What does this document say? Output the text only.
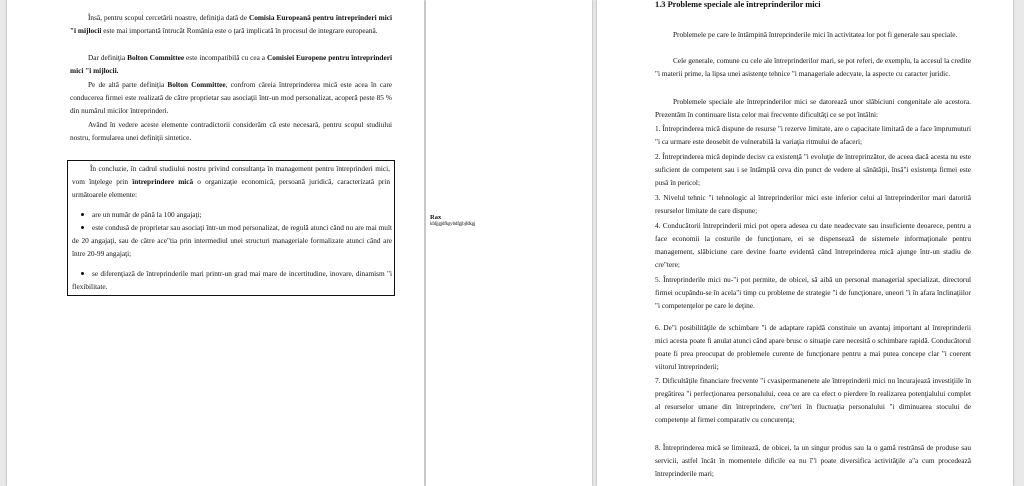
Însă, pentru scopul cercetării noastre, definiţia dată de Comisia Europeană pentru întreprinderi mici "i mijlocii este mai importantă întrucât România este o ţară implicată în procesul de integrare europeană.
Dar definiţia Bolton Committee este incompatibilă cu cea a Comisiei Europene pentru întreprinderi mici "i mijlocii.
Pe de altă parte definiţia Bolton Committee, confrom căreia întreprinderea mică este acea în care conducerea firmei este realizată de către proprietar sau asociaţii într-un mod personalizat, acoperă peste 85 % din numărul micilor întreprinderi.
Având în vedere aceste elemente contradictorii considerăm că este necesară, pentru scopul studiului nostru, formularea unei definiţii sintetice.
În concluzie, în cadrul studiului nostru privind consultanţa în management pentru întreprinderi mici, vom înţelege prin întreprindere mică o organizaţie economică, persoană juridică, caracterizată prin următoarele elemente:
are un număr de până la 100 angajaţi;
este condusă de proprietar sau asociaţi într-un mod personalizat, de regulă atunci când nu are mai mult de 20 angajaţi, sau de către ace"tia prin intermediul unei structuri manageriale formalizate atunci când are între 20-99 angajaţi;
se diferenţiază de întreprinderile mari printr-un grad mai mare de incertitudine, inovare, dinamism "i flexibilitate.
Rax
kfdjjgjdfkgvbdfgjbjfdkgj
1.3 Probleme speciale ale întreprinderilor mici
Problemele pe care le întâmpină întreprinderile mici în activitatea lor pot fi generale sau speciale.
Cele generale, comune cu cele ale întreprinderilor mari, se pot referi, de exemplu, la accesul la credite "i materii prime, la lipsa unei asistenţe tehnice "i manageriale adecvate, la aspecte cu caracter juridic.
Problemele speciale ale întreprinderilor mici se datorează unor slăbiciuni congenitale ale acestora. Prezentăm în continuare lista celor mai frecvente dificultăţi ce se pot întâlni:
1. Întreprinderea mică dispune de resurse "i rezerve limitate, are o capacitate limitată de a face împrumuturi "i ca urmare este deosebit de vulnerabilă la variaţia ritmului de afaceri;
2. Întreprinderea mică depinde decisv ca existenţă "i evoluţie de întreprinzător, de aceea dacă acesta nu este suficient de competent sau i se întâmplă ceva din punct de vedere al sănătăţii, însă"i existenţa firmei este pusă în pericol;
3. Nivelul tehnic "i tehnologic al întreprinderilor mici este inferior celui al întreprinderilor mari datorită resurselor limitate de care dispune;
4. Conducătorii întreprinderii mici pot opera adesea cu date neadecvate sau insuficiente deoarece, pentru a face economii la costurile de funcţionare, ei se dispensează de sistemele informaţionale pentru management, slăbiciune care devine foarte evidentă când întreprinderea mică ajunge într-un stadiu de cre"tere;
5. Întreprinderile mici nu-"i pot permite, de obicei, să aibă un personal managerial specializat, directorul firmei ocupându-se în acela"i timp cu probleme de strategie "i de funcţionare, uneori "i în afara înclinaţiilor "i competenţelor pe care le deţine.
6. De"i posibilităţile de schimbare "i de adaptare rapidă constituie un avantaj important al întreprinderii mici acesta poate fi anulat atunci când apare brusc o situaţie care necesită o schimbare rapidă. Conducătorul poate fi prea preocupat de problemele curente de funcţionare pentru a mai putea concepe clar "i coerent viitorul întreprinderii;
7. Dificultăţile financiare frecvente "i cvasipermanenete ale întreprinderii mici nu încurajează investiţiile în pregătirea "i perfecţionarea personalului, ceea ce are ca efect o pierdere în realizarea potenţialului complet al resurselor umane din întreprindere, cre"teri în fluctuaţia personalului "i diminuarea stocului de competenţe al firmei comparativ cu concurenţa;
8. Întreprinderea mică se limitează, de obicei, la un singur produs sau la o gamă restrânsă de produse sau servicii, astfel încât în momentele dificile ea nu î"i poate diversifica activităţile a"a cum procedează întreprinderile mari;
